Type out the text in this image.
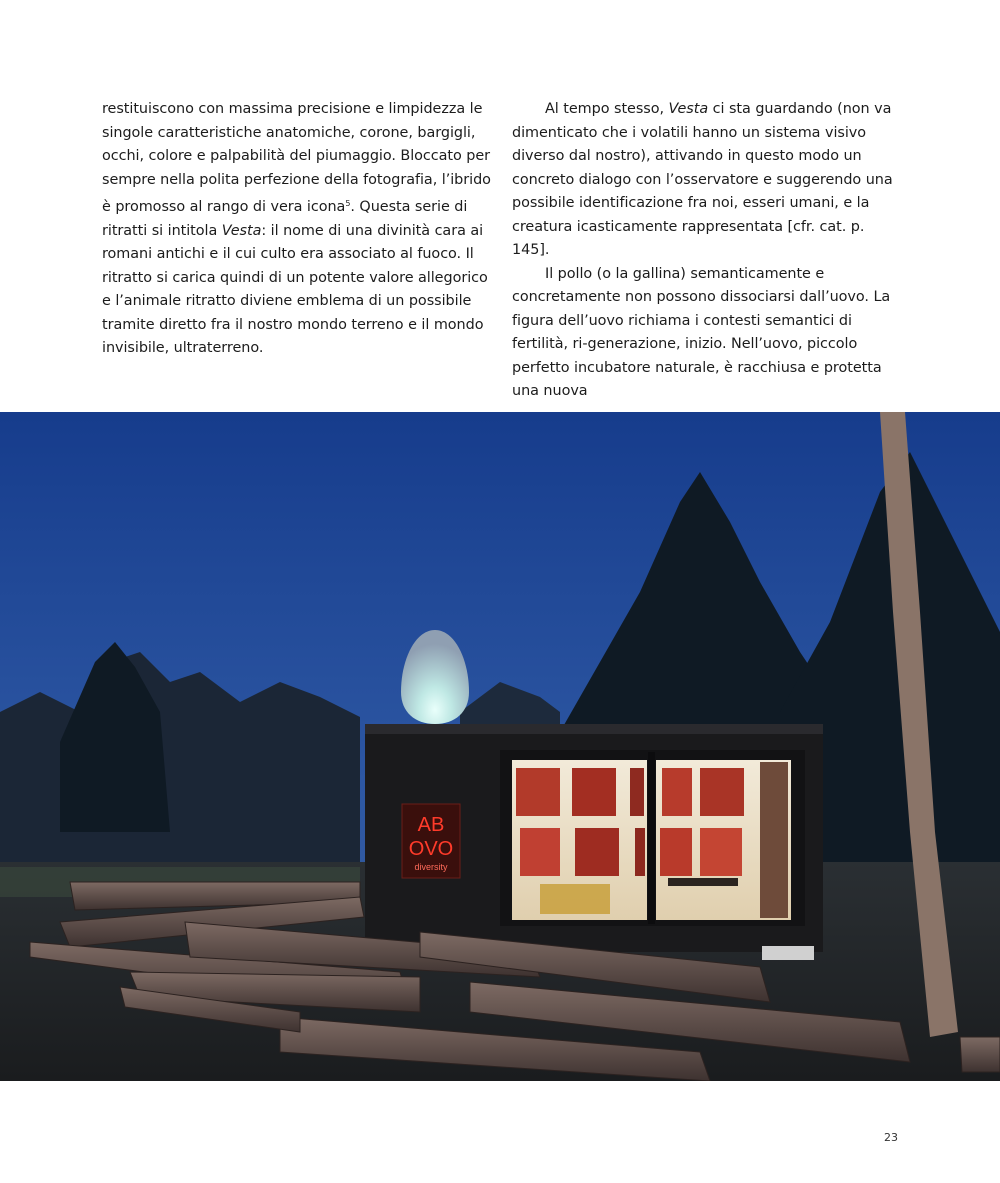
restituiscono con massima precisione e limpidezza le singole caratteristiche anatomiche, corone, bargigli, occhi, colore e palpabilità del piumaggio. Bloccato per sempre nella polita perfezione della fotografia, l’ibrido è promosso al rango di vera icona$^5$. Questa serie di ritratti si intitola Vesta: il nome di una divinità cara ai romani antichi e il cui culto era associato al fuoco. Il ritratto si carica quindi di un potente valore allegorico e l’animale ritratto diviene emblema di un possibile tramite diretto fra il nostro mondo terreno e il mondo invisibile, ultraterreno.

Al tempo stesso, Vesta ci sta guardando (non va dimenticato che i volatili hanno un sistema visivo diverso dal nostro), attivando in questo modo un concreto dialogo con l’osservatore e suggerendo una possibile identificazione fra noi, esseri umani, e la creatura icasticamente rappresentata [cfr. cat. p. 145].

Il pollo (o la gallina) semanticamente e concretamente non possono dissociarsi dall’uovo. La figura dell’uovo richiama i contesti semantici di fertilità, ri-generazione, inizio. Nell’uovo, piccolo perfetto incubatore naturale, è racchiusa e protetta una nuova

AB
OVO
diversity
23
